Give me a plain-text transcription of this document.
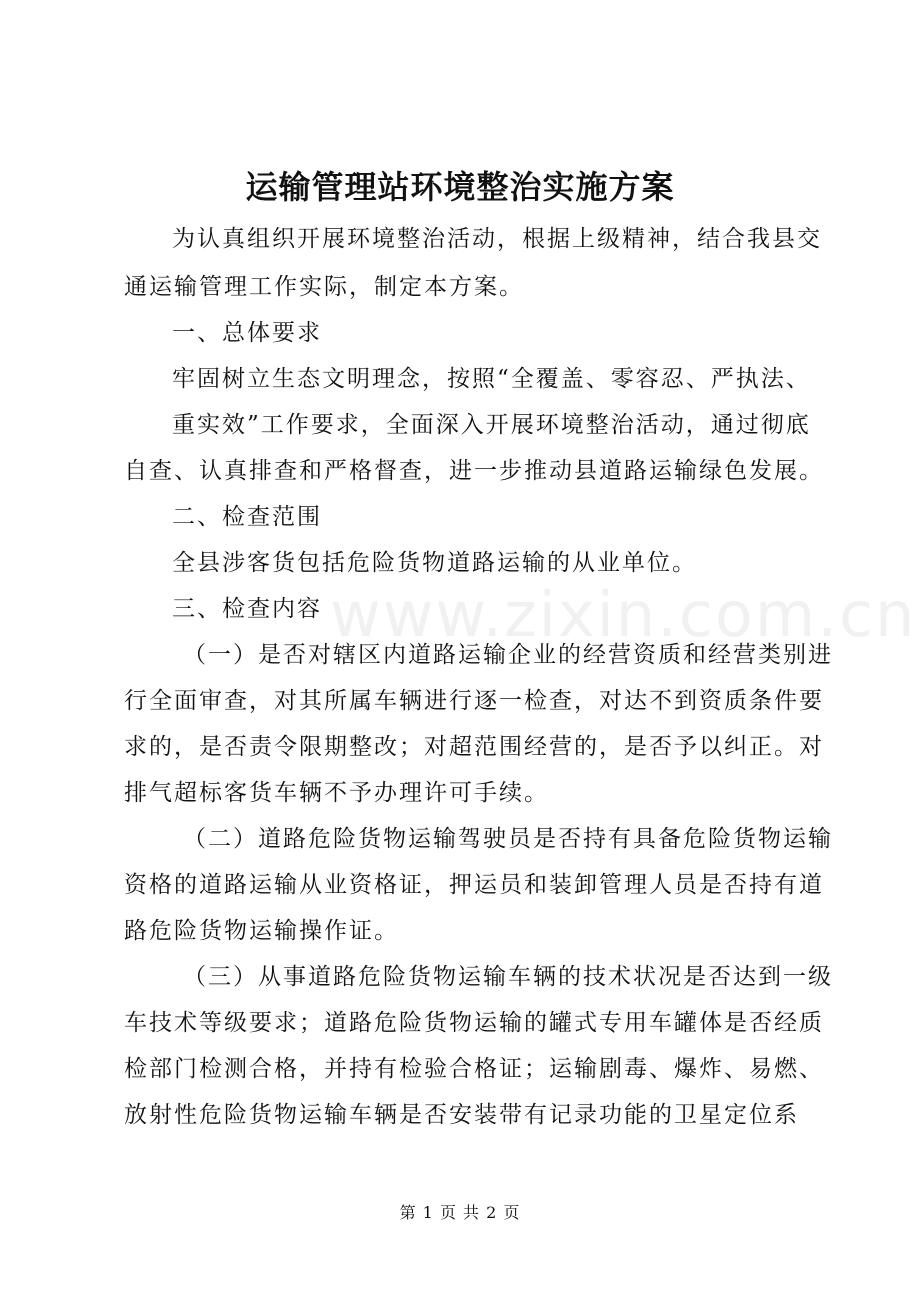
运输管理站环境整治实施方案
www.zixin.com.cn
为认真组织开展环境整治活动，根据上级精神，结合我县交
通运输管理工作实际，制定本方案。
一、总体要求
牢固树立生态文明理念，按照“全覆盖、零容忍、严执法、
重实效”工作要求，全面深入开展环境整治活动，通过彻底
自查、认真排查和严格督查，进一步推动县道路运输绿色发展。
二、检查范围
全县涉客货包括危险货物道路运输的从业单位。
三、检查内容
（一）是否对辖区内道路运输企业的经营资质和经营类别进
行全面审查，对其所属车辆进行逐一检查，对达不到资质条件要
求的，是否责令限期整改；对超范围经营的，是否予以纠正。对
排气超标客货车辆不予办理许可手续。
（二）道路危险货物运输驾驶员是否持有具备危险货物运输
资格的道路运输从业资格证，押运员和装卸管理人员是否持有道
路危险货物运输操作证。
（三）从事道路危险货物运输车辆的技术状况是否达到一级
车技术等级要求；道路危险货物运输的罐式专用车罐体是否经质
检部门检测合格，并持有检验合格证；运输剧毒、爆炸、易燃、
放射性危险货物运输车辆是否安装带有记录功能的卫星定位系
第 1 页 共 2 页
